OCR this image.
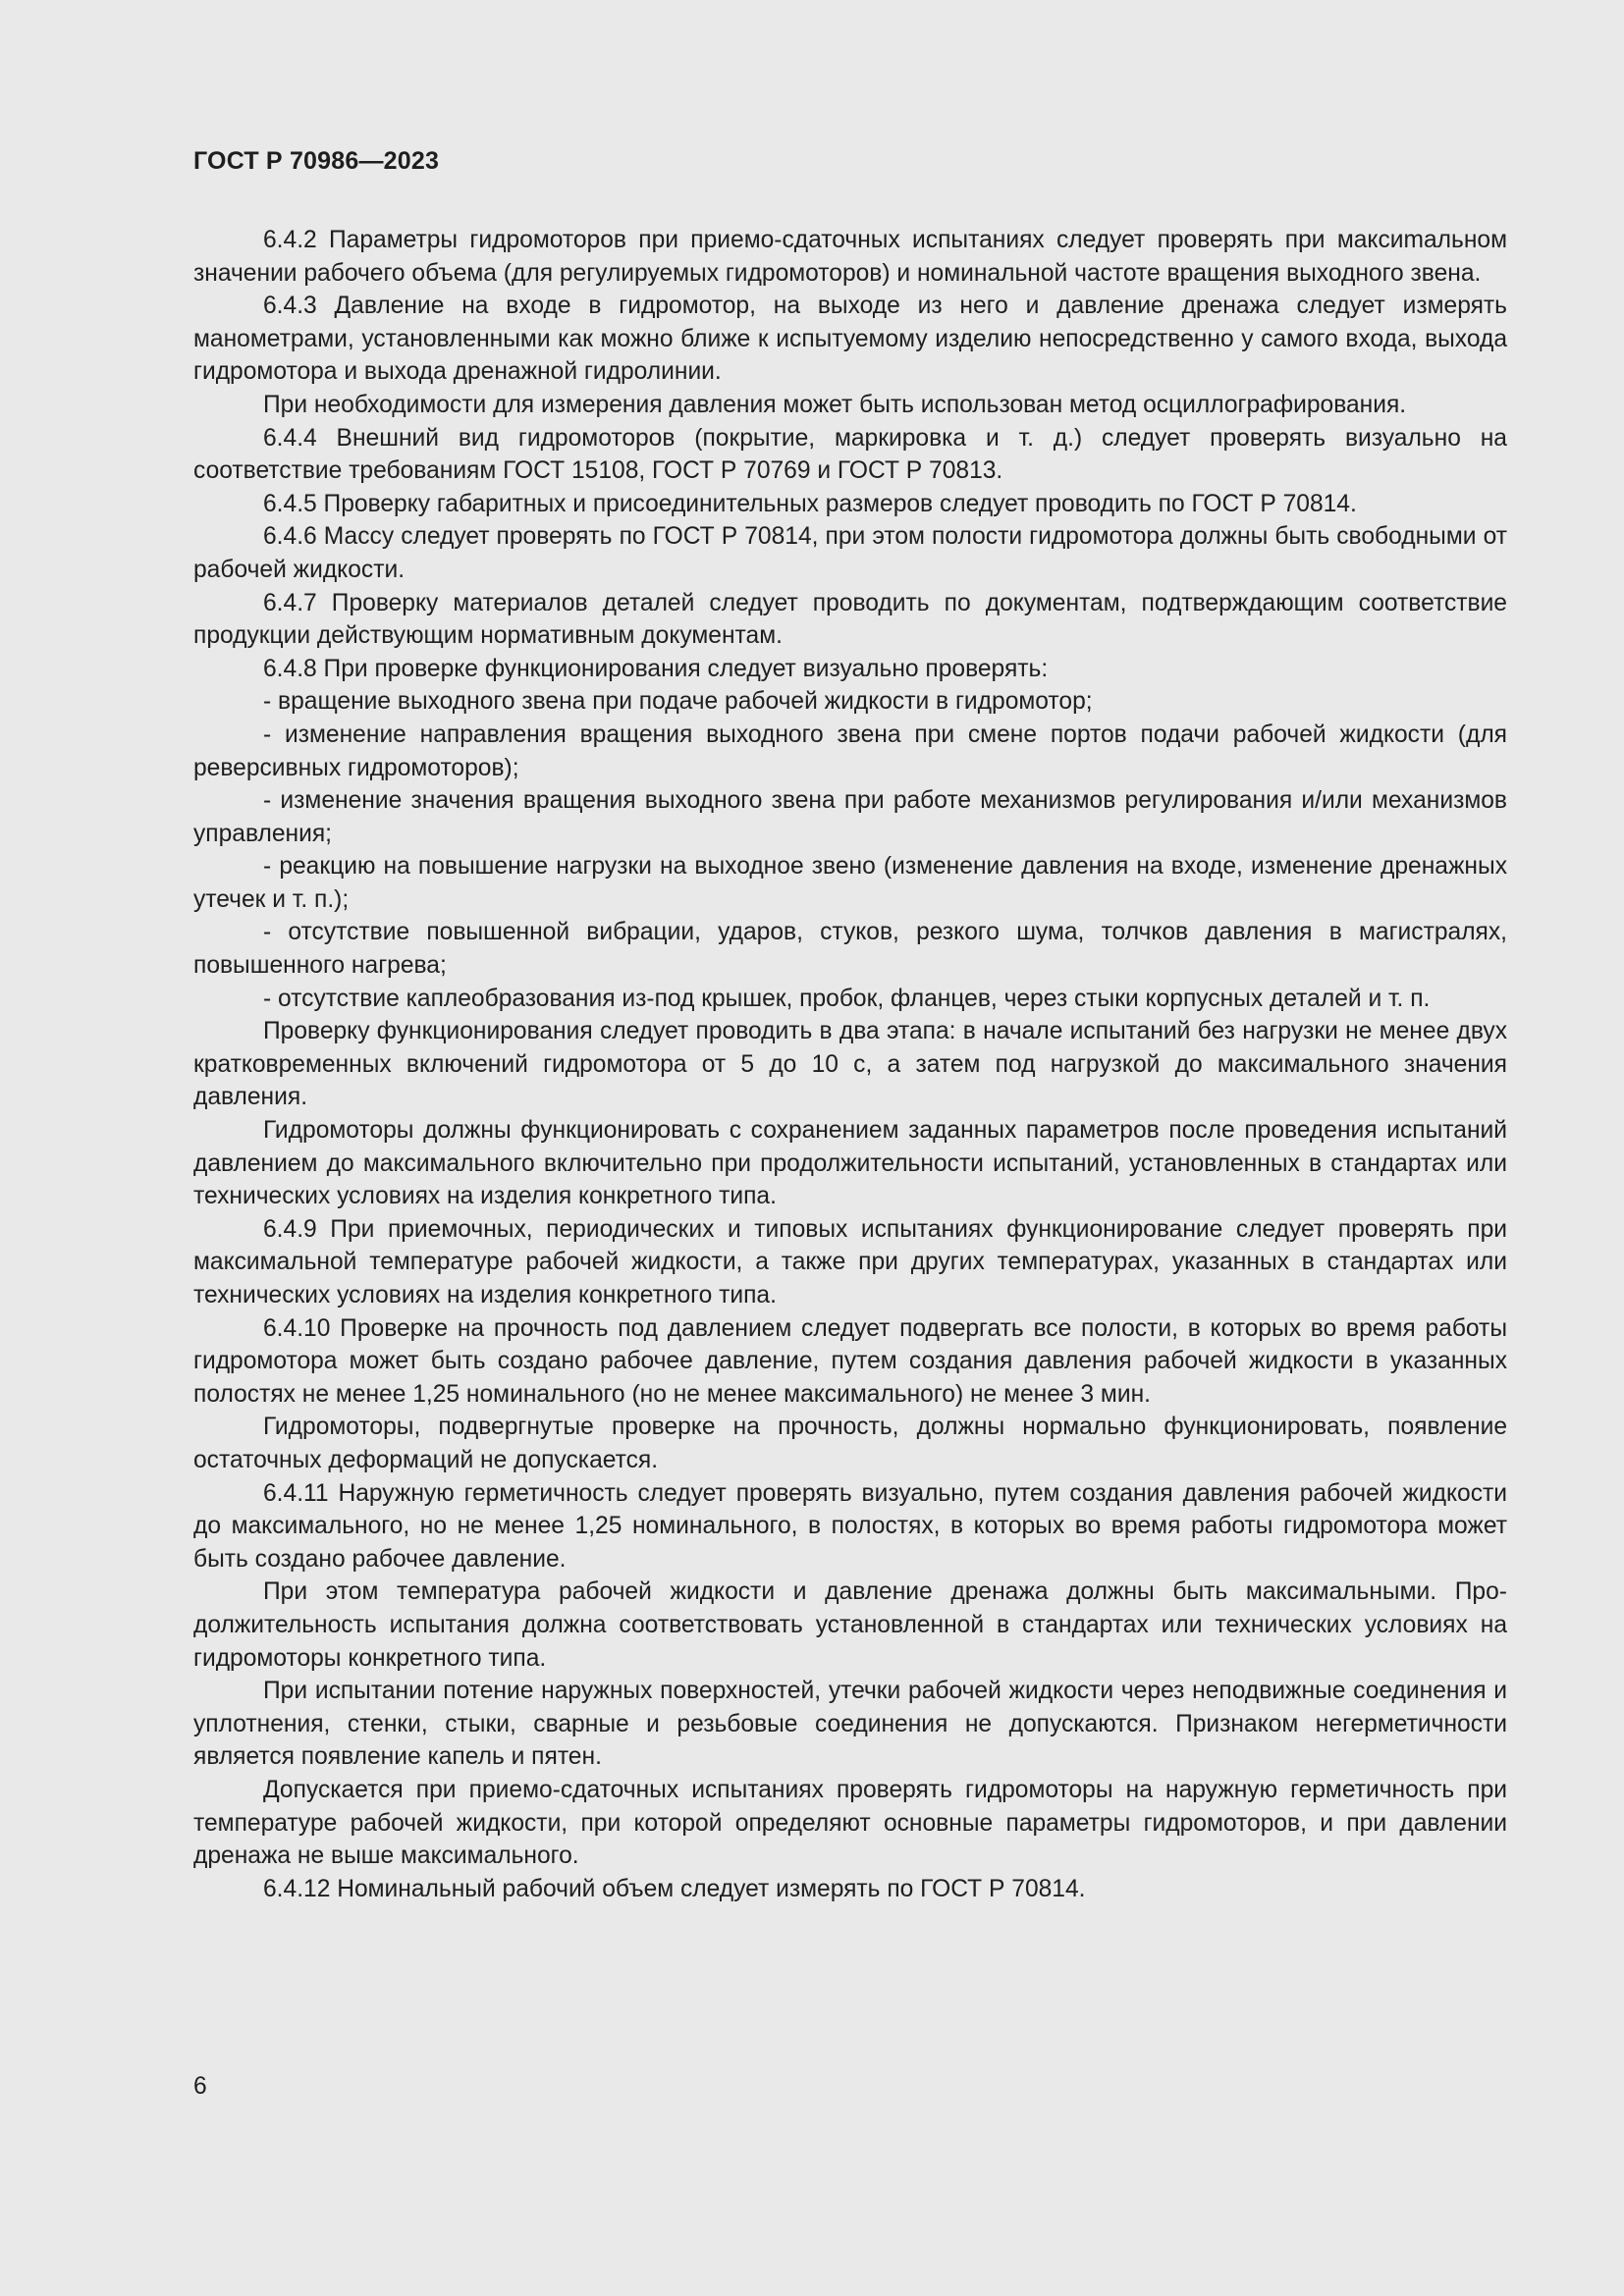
ГОСТ Р 70986—2023

6.4.2 Параметры гидромоторов при приемо-сдаточных испытаниях следует проверять при максиmальном значении рабочего объема (для регулируемых гидромоторов) и номинальной частоте вращения выходного звена.

6.4.3 Давление на входе в гидромотор, на выходе из него и давление дренажа следует измерять манометрами, установленными как можно ближе к испытуемому изделию непосредственно у самого входа, выхода гидромотора и выхода дренажной гидролинии.

При необходимости для измерения давления может быть использован метод осциллографирования.

6.4.4 Внешний вид гидромоторов (покрытие, маркировка и т. д.) следует проверять визуально на соответствие требованиям ГОСТ 15108, ГОСТ Р 70769 и ГОСТ Р 70813.

6.4.5 Проверку габаритных и присоединительных размеров следует проводить по ГОСТ Р 70814.

6.4.6 Массу следует проверять по ГОСТ Р 70814, при этом полости гидромотора должны быть свободными от рабочей жидкости.

6.4.7 Проверку материалов деталей следует проводить по документам, подтверждающим соответствие продукции действующим нормативным документам.

6.4.8 При проверке функционирования следует визуально проверять:

- вращение выходного звена при подаче рабочей жидкости в гидромотор;

- изменение направления вращения выходного звена при смене портов подачи рабочей жидкости (для реверсивных гидромоторов);

- изменение значения вращения выходного звена при работе механизмов регулирования и/или механизмов управления;

- реакцию на повышение нагрузки на выходное звено (изменение давления на входе, изменение дренажных утечек и т. п.);

- отсутствие повышенной вибрации, ударов, стуков, резкого шума, толчков давления в магистралях, повышенного нагрева;

- отсутствие каплеобразования из-под крышек, пробок, фланцев, через стыки корпусных деталей и т. п.

Проверку функционирования следует проводить в два этапа: в начале испытаний без нагрузки не менее двух кратковременных включений гидромотора от 5 до 10 с, а затем под нагрузкой до максимального значения давления.

Гидромоторы должны функционировать с сохранением заданных параметров после проведения испытаний давлением до максимального включительно при продолжительности испытаний, установленных в стандартах или технических условиях на изделия конкретного типа.

6.4.9 При приемочных, периодических и типовых испытаниях функционирование следует проверять при максимальной температуре рабочей жидкости, а также при других температурах, указанных в стандартах или технических условиях на изделия конкретного типа.

6.4.10 Проверке на прочность под давлением следует подвергать все полости, в которых во время работы гидромотора может быть создано рабочее давление, путем создания давления рабочей жидкости в указанных полостях не менее 1,25 номинального (но не менее максимального) не менее 3 мин.

Гидромоторы, подвергнутые проверке на прочность, должны нормально функционировать, появление остаточных деформаций не допускается.

6.4.11 Наружную герметичность следует проверять визуально, путем создания давления рабочей жидкости до максимального, но не менее 1,25 номинального, в полостях, в которых во время работы гидромотора может быть создано рабочее давление.

При этом температура рабочей жидкости и давление дренажа должны быть максимальными. Продолжительность испытания должна соответствовать установленной в стандартах или технических условиях на гидромоторы конкретного типа.

При испытании потение наружных поверхностей, утечки рабочей жидкости через неподвижные соединения и уплотнения, стенки, стыки, сварные и резьбовые соединения не допускаются. Признаком негерметичности является появление капель и пятен.

Допускается при приемо-сдаточных испытаниях проверять гидромоторы на наружную герметичность при температуре рабочей жидкости, при которой определяют основные параметры гидромоторов, и при давлении дренажа не выше максимального.

6.4.12 Номинальный рабочий объем следует измерять по ГОСТ Р 70814.

6
